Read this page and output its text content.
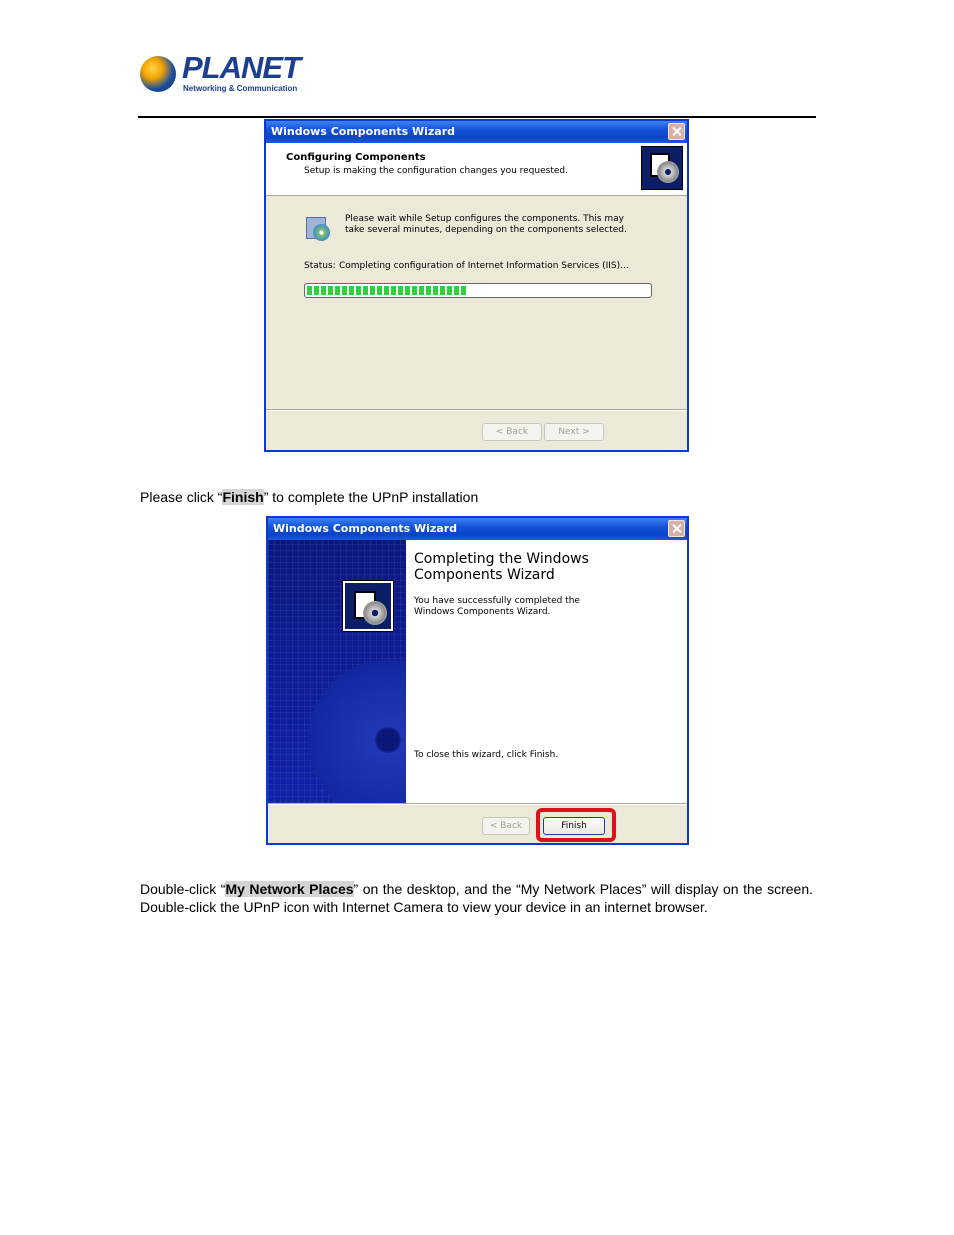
PLANET
Networking & Communication
Windows Components Wizard
Configuring Components
Setup is making the configuration changes you requested.
Please wait while Setup configures the components. This may take several minutes, depending on the components selected.
Status: Completing configuration of Internet Information Services (IIS)...
< Back	Next >
Please click “Finish” to complete the UPnP installation
Windows Components Wizard
Completing the Windows Components Wizard
You have successfully completed the Windows Components Wizard.
To close this wizard, click Finish.
< Back	Finish
Double-click “My Network Places” on the desktop, and the “My Network Places” will display on the screen. Double-click the UPnP icon with Internet Camera to view your device in an internet browser.
